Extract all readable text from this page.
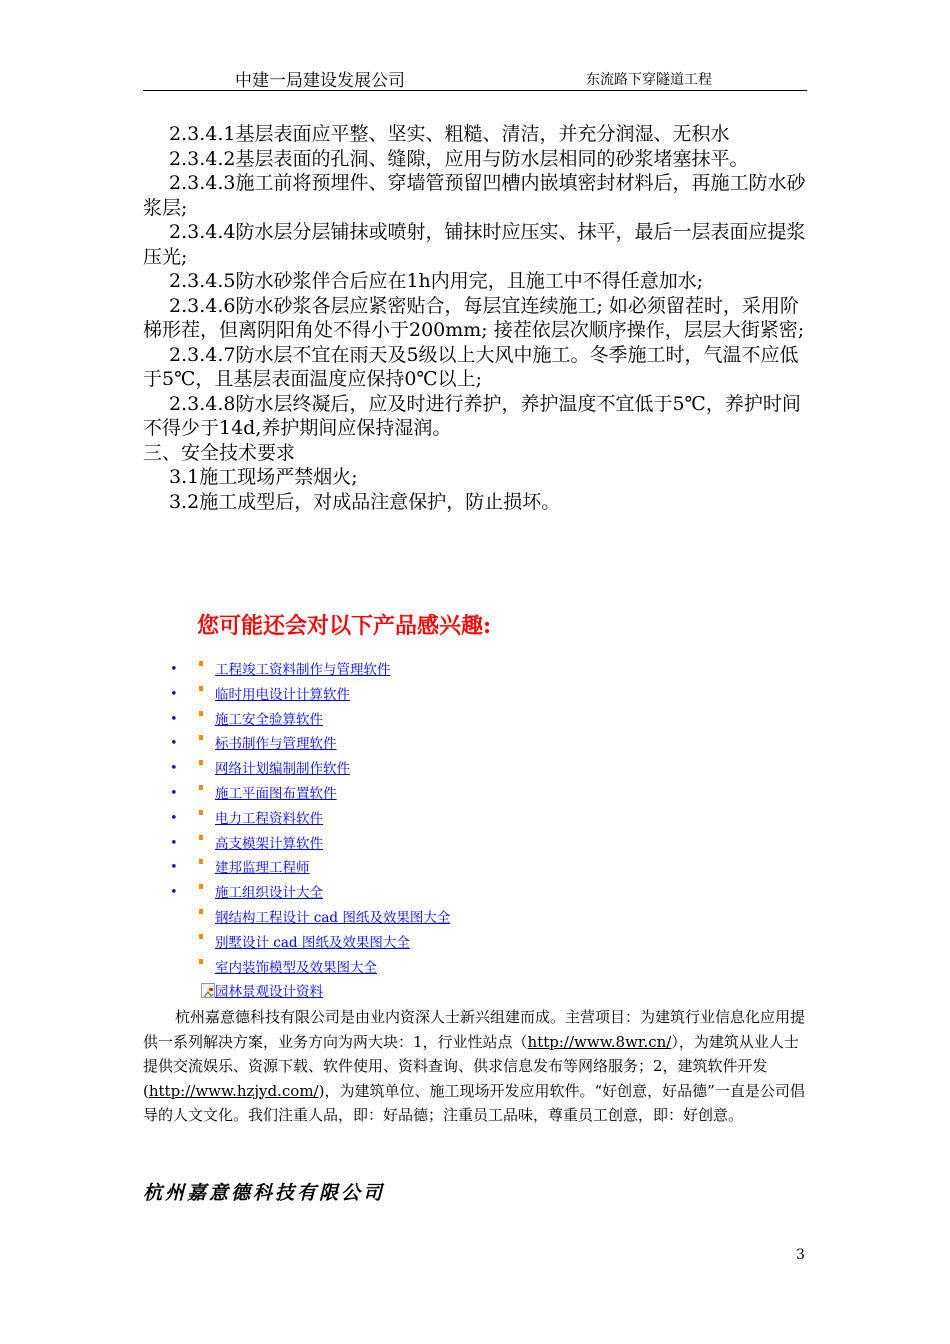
中建一局建设发展公司	东流路下穿隧道工程

2.3.4.1基层表面应平整、坚实、粗糙、清洁，并充分润湿、无积水

2.3.4.2基层表面的孔洞、缝隙，应用与防水层相同的砂浆堵塞抹平。

2.3.4.3施工前将预埋件、穿墙管预留凹槽内嵌填密封材料后，再施工防水砂浆层;

2.3.4.4防水层分层铺抹或喷射，铺抹时应压实、抹平，最后一层表面应提浆压光;

2.3.4.5防水砂浆伴合后应在1h内用完，且施工中不得任意加水;

2.3.4.6防水砂浆各层应紧密贴合，每层宜连续施工; 如必须留茬时，采用阶梯形茬，但离阴阳角处不得小于200mm; 接茬依层次顺序操作，层层大街紧密;

2.3.4.7防水层不宜在雨天及5级以上大风中施工。冬季施工时，气温不应低于5℃，且基层表面温度应保持0℃以上;

2.3.4.8防水层终凝后，应及时进行养护，养护温度不宜低于5℃，养护时间不得少于14d,养护期间应保持湿润。

三、安全技术要求

3.1施工现场严禁烟火;

3.2施工成型后，对成品注意保护，防止损坏。

您可能还会对以下产品感兴趣:
•	工程竣工资料制作与管理软件
•	临时用电设计计算软件
•	施工安全验算软件
•	标书制作与管理软件
•	网络计划编制制作软件
•	施工平面图布置软件
•	电力工程资料软件
•	高支模架计算软件
•	建邦监理工程师
•	施工组织设计大全
钢结构工程设计 cad 图纸及效果图大全
别墅设计 cad 图纸及效果图大全
室内装饰模型及效果图大全
园林景观设计资料

杭州嘉意德科技有限公司是由业内资深人士新兴组建而成。主营项目：为建筑行业信息化应用提供一系列解决方案，业务方向为两大块：1，行业性站点（http://www.8wr.cn/），为建筑从业人士提供交流娱乐、资源下载、软件使用、资料查询、供求信息发布等网络服务；2，建筑软件开发(http://www.hzjyd.com/)，为建筑单位、施工现场开发应用软件。“好创意，好品德”一直是公司倡导的人文文化。我们注重人品，即：好品德；注重员工品味，尊重员工创意，即：好创意。

杭州嘉意德科技有限公司

3
